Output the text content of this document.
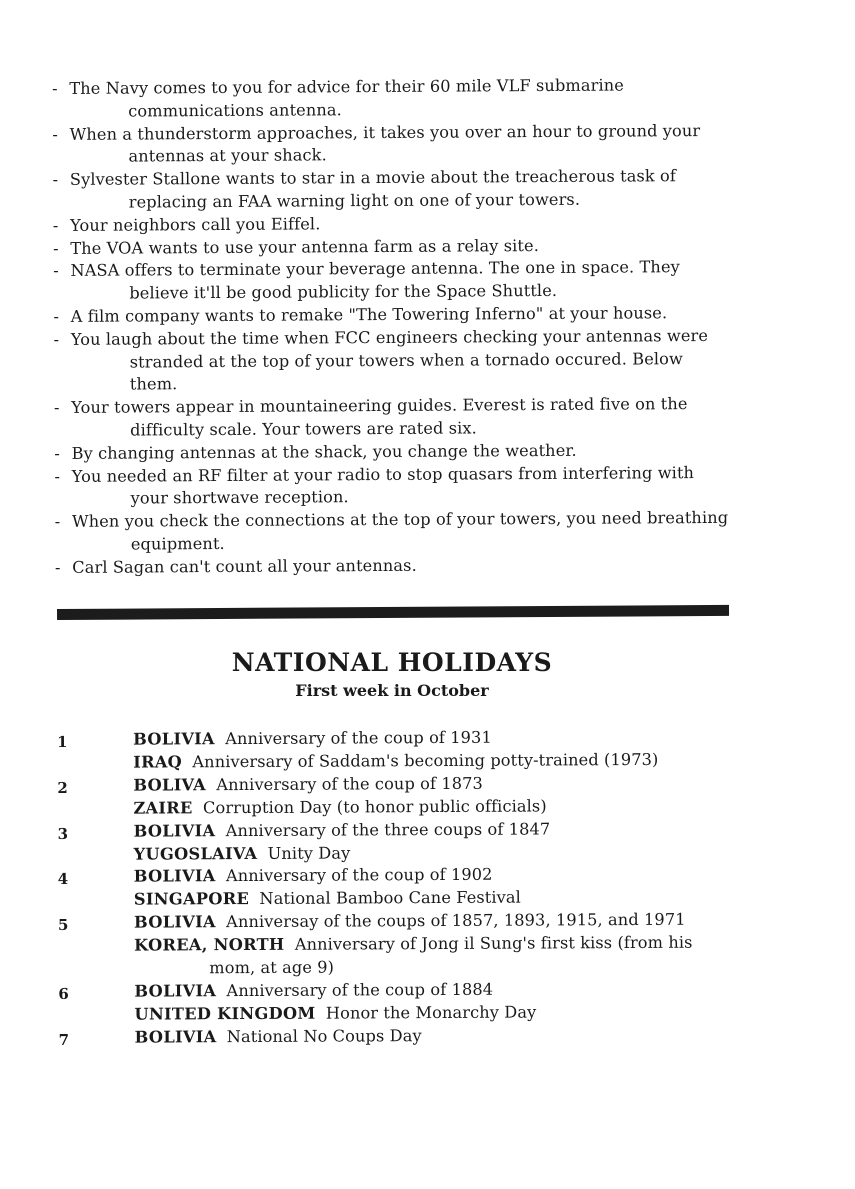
- The Navy comes to you for advice for their 60 mile VLF submarine communications antenna.
- When a thunderstorm approaches, it takes you over an hour to ground your antennas at your shack.
- Sylvester Stallone wants to star in a movie about the treacherous task of replacing an FAA warning light on one of your towers.
- Your neighbors call you Eiffel.
- The VOA wants to use your antenna farm as a relay site.
- NASA offers to terminate your beverage antenna. The one in space. They believe it'll be good publicity for the Space Shuttle.
- A film company wants to remake "The Towering Inferno" at your house.
- You laugh about the time when FCC engineers checking your antennas were stranded at the top of your towers when a tornado occured. Below them.
- Your towers appear in mountaineering guides. Everest is rated five on the difficulty scale. Your towers are rated six.
- By changing antennas at the shack, you change the weather.
- You needed an RF filter at your radio to stop quasars from interfering with your shortwave reception.
- When you check the connections at the top of your towers, you need breathing equipment.
- Carl Sagan can't count all your antennas.
NATIONAL HOLIDAYS
First week in October
1	BOLIVIA Anniversary of the coup of 1931

IRAQ Anniversary of Saddam's becoming potty-trained (1973)

2	BOLIVA Anniversary of the coup of 1873

ZAIRE Corruption Day (to honor public officials)

3	BOLIVIA Anniversary of the three coups of 1847

YUGOSLAIVA Unity Day

4	BOLIVIA Anniversary of the coup of 1902

SINGAPORE National Bamboo Cane Festival

5	BOLIVIA Anniversay of the coups of 1857, 1893, 1915, and 1971

KOREA, NORTH Anniversary of Jong il Sung's first kiss (from his mom, at age 9)

6	BOLIVIA Anniversary of the coup of 1884

UNITED KINGDOM Honor the Monarchy Day

7	BOLIVIA National No Coups Day
